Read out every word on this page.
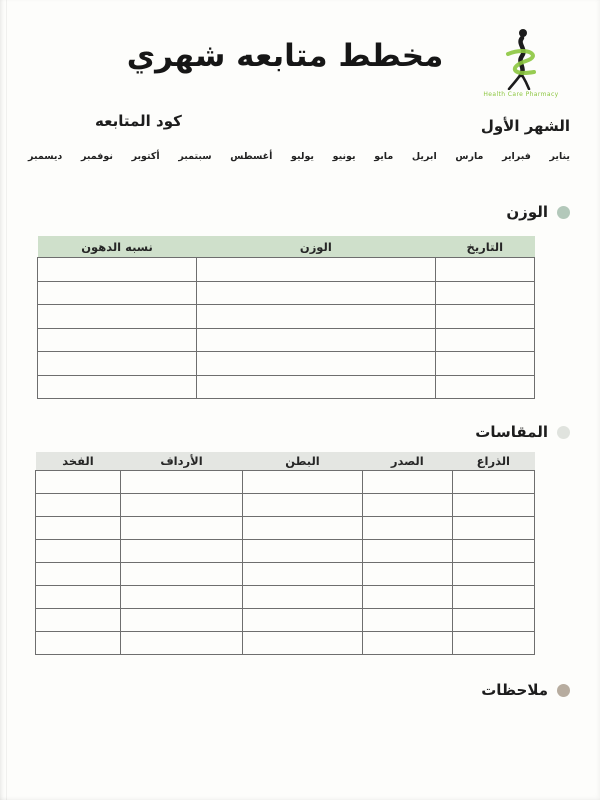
مخطط متابعه شهري
Health Care Pharmacy
الشهر الأول
كود المتابعه
يناير
فبراير
مارس
ابريل
مايو
يونيو
يوليو
أغسطس
سبتمبر
أكتوبر
نوفمبر
ديسمبر
الوزن
التاريخ	الوزن	نسبه الدهون

المقاسات
الذراع	الصدر	البطن	الأرداف	الفخد

ملاحظات
